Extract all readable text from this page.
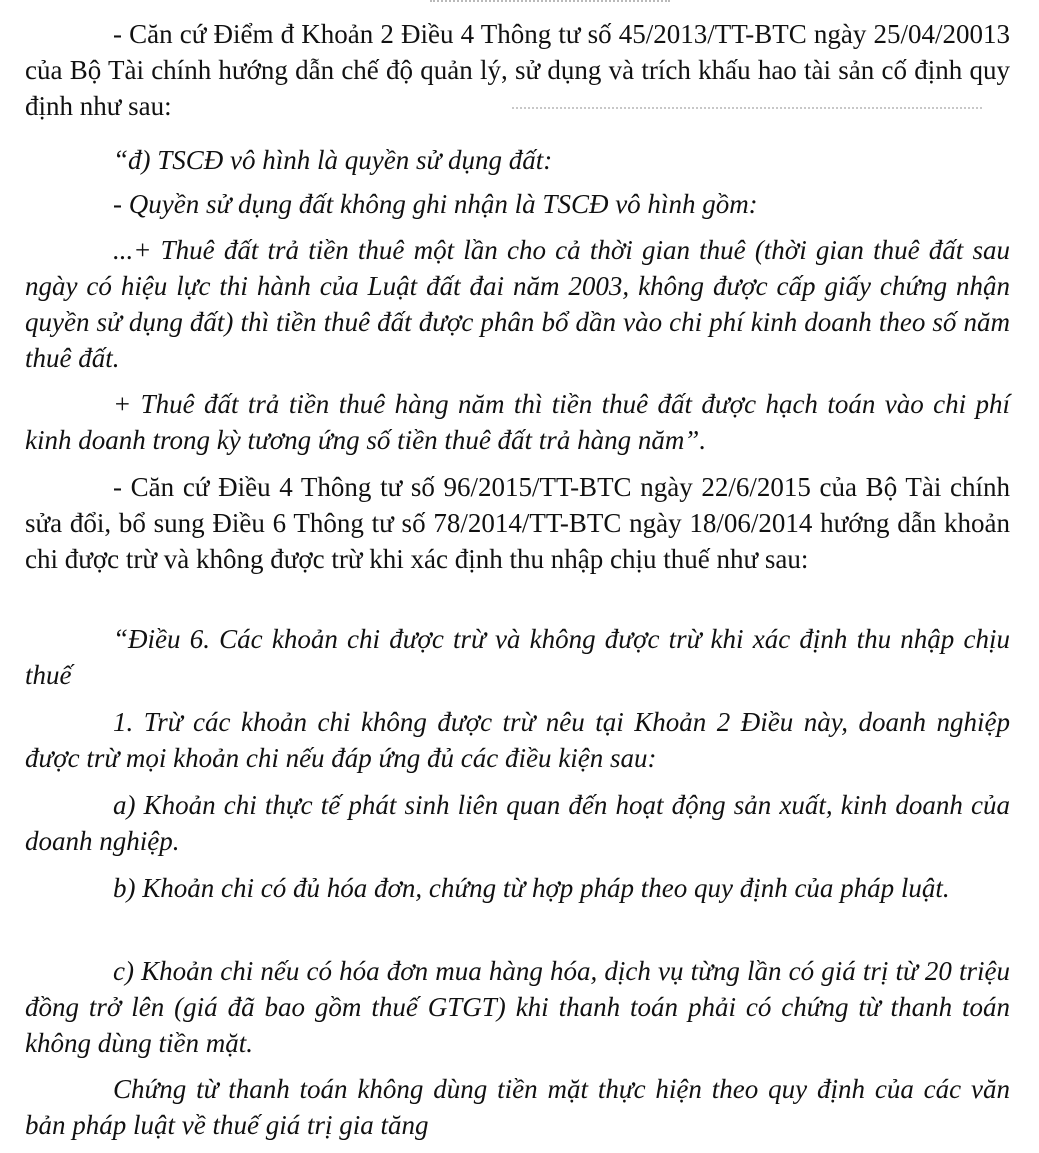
- Căn cứ Điểm đ Khoản 2 Điều 4 Thông tư số 45/2013/TT-BTC ngày 25/04/20013 của Bộ Tài chính hướng dẫn chế độ quản lý, sử dụng và trích khấu hao tài sản cố định quy định như sau:

“đ) TSCĐ vô hình là quyền sử dụng đất:

- Quyền sử dụng đất không ghi nhận là TSCĐ vô hình gồm:

...+ Thuê đất trả tiền thuê một lần cho cả thời gian thuê (thời gian thuê đất sau ngày có hiệu lực thi hành của Luật đất đai năm 2003, không được cấp giấy chứng nhận quyền sử dụng đất) thì tiền thuê đất được phân bổ dần vào chi phí kinh doanh theo số năm thuê đất.

+ Thuê đất trả tiền thuê hàng năm thì tiền thuê đất được hạch toán vào chi phí kinh doanh trong kỳ tương ứng số tiền thuê đất trả hàng năm”.

- Căn cứ Điều 4 Thông tư số 96/2015/TT-BTC ngày 22/6/2015 của Bộ Tài chính sửa đổi, bổ sung Điều 6 Thông tư số 78/2014/TT-BTC ngày 18/06/2014 hướng dẫn khoản chi được trừ và không được trừ khi xác định thu nhập chịu thuế như sau:

“Điều 6. Các khoản chi được trừ và không được trừ khi xác định thu nhập chịu thuế

1. Trừ các khoản chi không được trừ nêu tại Khoản 2 Điều này, doanh nghiệp được trừ mọi khoản chi nếu đáp ứng đủ các điều kiện sau:

a) Khoản chi thực tế phát sinh liên quan đến hoạt động sản xuất, kinh doanh của doanh nghiệp.

b) Khoản chi có đủ hóa đơn, chứng từ hợp pháp theo quy định của pháp luật.

c) Khoản chi nếu có hóa đơn mua hàng hóa, dịch vụ từng lần có giá trị từ 20 triệu đồng trở lên (giá đã bao gồm thuế GTGT) khi thanh toán phải có chứng từ thanh toán không dùng tiền mặt.

Chứng từ thanh toán không dùng tiền mặt thực hiện theo quy định của các văn bản pháp luật về thuế giá trị gia tăng
